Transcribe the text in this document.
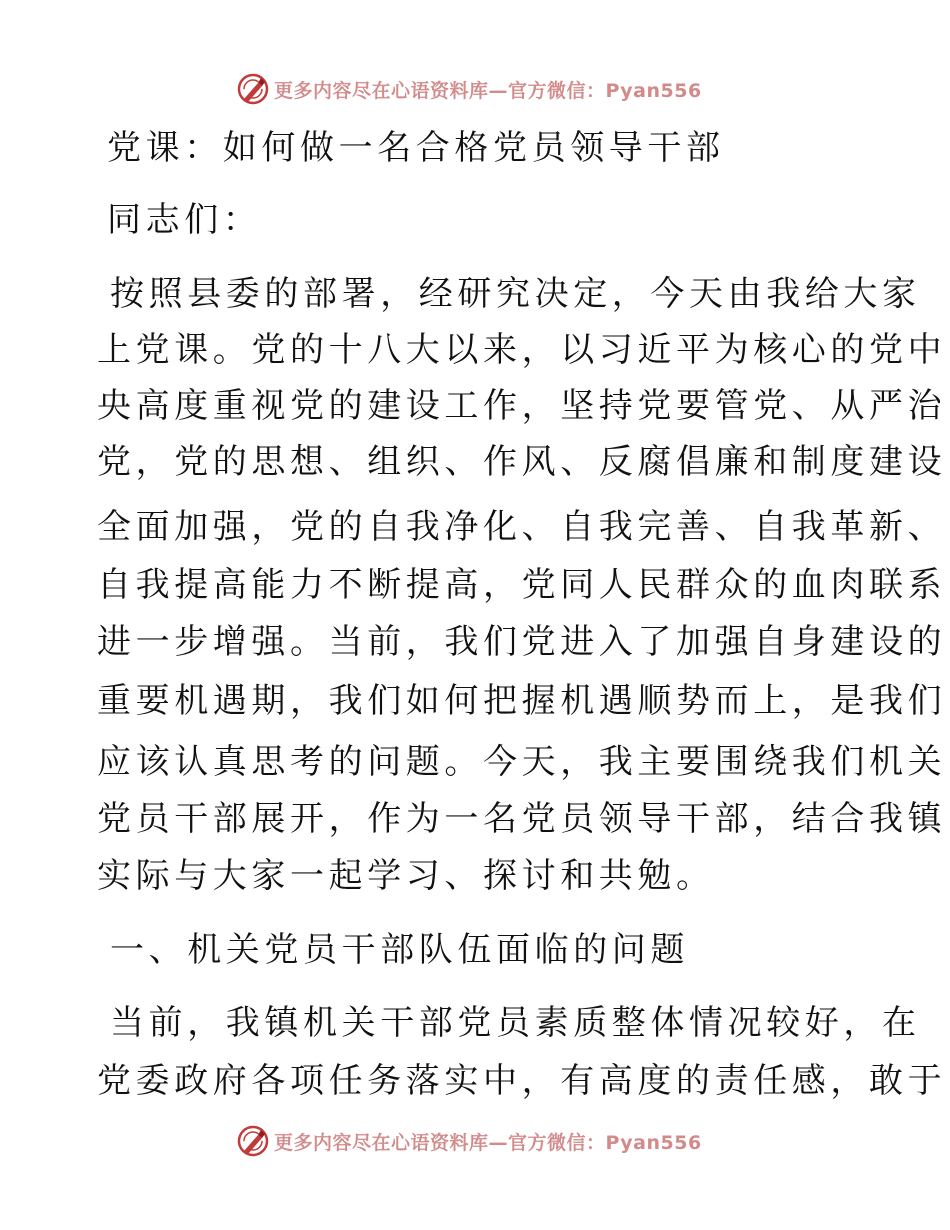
更多内容尽在心语资料库—官方微信：Pyan556
党课：如何做一名合格党员领导干部
同志们：
按照县委的部署，经研究决定，今天由我给大家
上党课。党的十八大以来，以习近平为核心的党中
央高度重视党的建设工作，坚持党要管党、从严治
党，党的思想、组织、作风、反腐倡廉和制度建设
全面加强，党的自我净化、自我完善、自我革新、
自我提高能力不断提高，党同人民群众的血肉联系
进一步增强。当前，我们党进入了加强自身建设的
重要机遇期，我们如何把握机遇顺势而上，是我们
应该认真思考的问题。今天，我主要围绕我们机关
党员干部展开，作为一名党员领导干部，结合我镇
实际与大家一起学习、探讨和共勉。
一、机关党员干部队伍面临的问题
当前，我镇机关干部党员素质整体情况较好，在
党委政府各项任务落实中，有高度的责任感，敢于
更多内容尽在心语资料库—官方微信：Pyan556
